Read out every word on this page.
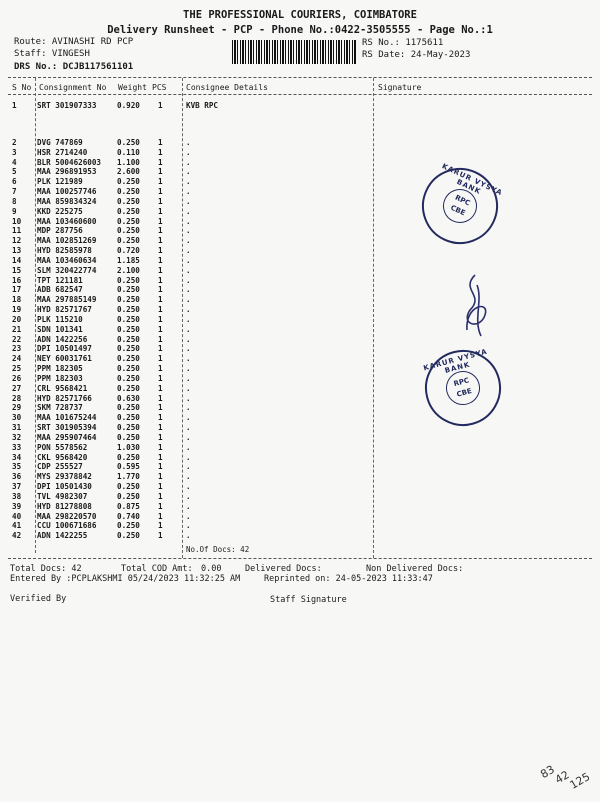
THE PROFESSIONAL COURIERS, COIMBATORE
Delivery Runsheet - PCP - Phone No.:0422-3505555 - Page No.:1
Route: AVINASHI RD PCP
Staff: VINGESH
DRS No.: DCJB117561101
RS No.: 1175611
RS Date: 24-May-2023
S No Consignment No Weight PCS Consignee Details	Signature
1	SRT 301907333	0.920 1	KVB RPC
2	DVG 747869	0.250 1	.
3	HSR 2714240	0.110 1	.
4	BLR 5004626003 1.100 1	.
5	MAA 296891953	2.600 1	.
6	PLK 121989	0.250 1	.
7	MAA 100257746	0.250 1	.
8	MAA 859834324	0.250 1	.
9	KKD 225275	0.250 1	.
10 MAA 103460600	0.250 1	.
11 MDP 287756	0.250 1	.
12 MAA 102851269	0.250 1	.
13 HYD 82585978	0.720 1	.
14 MAA 103460634	1.185 1	.
15 SLM 320422774	2.100 1	.
16 TPT 121181	0.250 1	.
17 ADB 682547	0.250 1	.
18 MAA 297885149	0.250 1	.
19 HYD 82571767	0.250 1	.
20 PLK 115210	0.250 1	.
21 SDN 101341	0.250 1	.
22 ADN 1422256	0.250 1	.
23 DPI 10501497	0.250 1	.
24 NEY 60031761	0.250 1	.
25 PPM 182305	0.250 1	.
26 PPM 182303	0.250 1	.
27 CRL 9568421	0.250 1	.
28 HYD 82571766	0.630 1	.
29 SKM 728737	0.250 1	.
30 MAA 101675244	0.250 1	.
31 SRT 301905394	0.250 1	.
32 MAA 295907464	0.250 1	.
33 PON 5578562	1.030 1	.
34 CKL 9568420	0.250 1	.
35 CDP 255527	0.595 1	.
36 MYS 29378842	1.770 1	.
37 DPI 10501430	0.250 1	.
38 TVL 4982307	0.250 1	.
39 HYD 81278808	0.875 1	.
40 MAA 298220570	0.740 1	.
41 CCU 100671686	0.250 1	.
42 ADN 1422255	0.250 1	.
No.Of Docs: 42
Total Docs: 42	Total COD Amt: 0.00	Delivered Docs:	Non Delivered Docs:
Entered By :PCPLAKSHMI 05/24/2023 11:32:25 AM	Reprinted on: 24-05-2023 11:33:47
Verified By	Staff Signature
KARUR VYSYA BANK
RPC
CBE
KARUR VYSYA BANK
RPC
CBE
83
42
125
